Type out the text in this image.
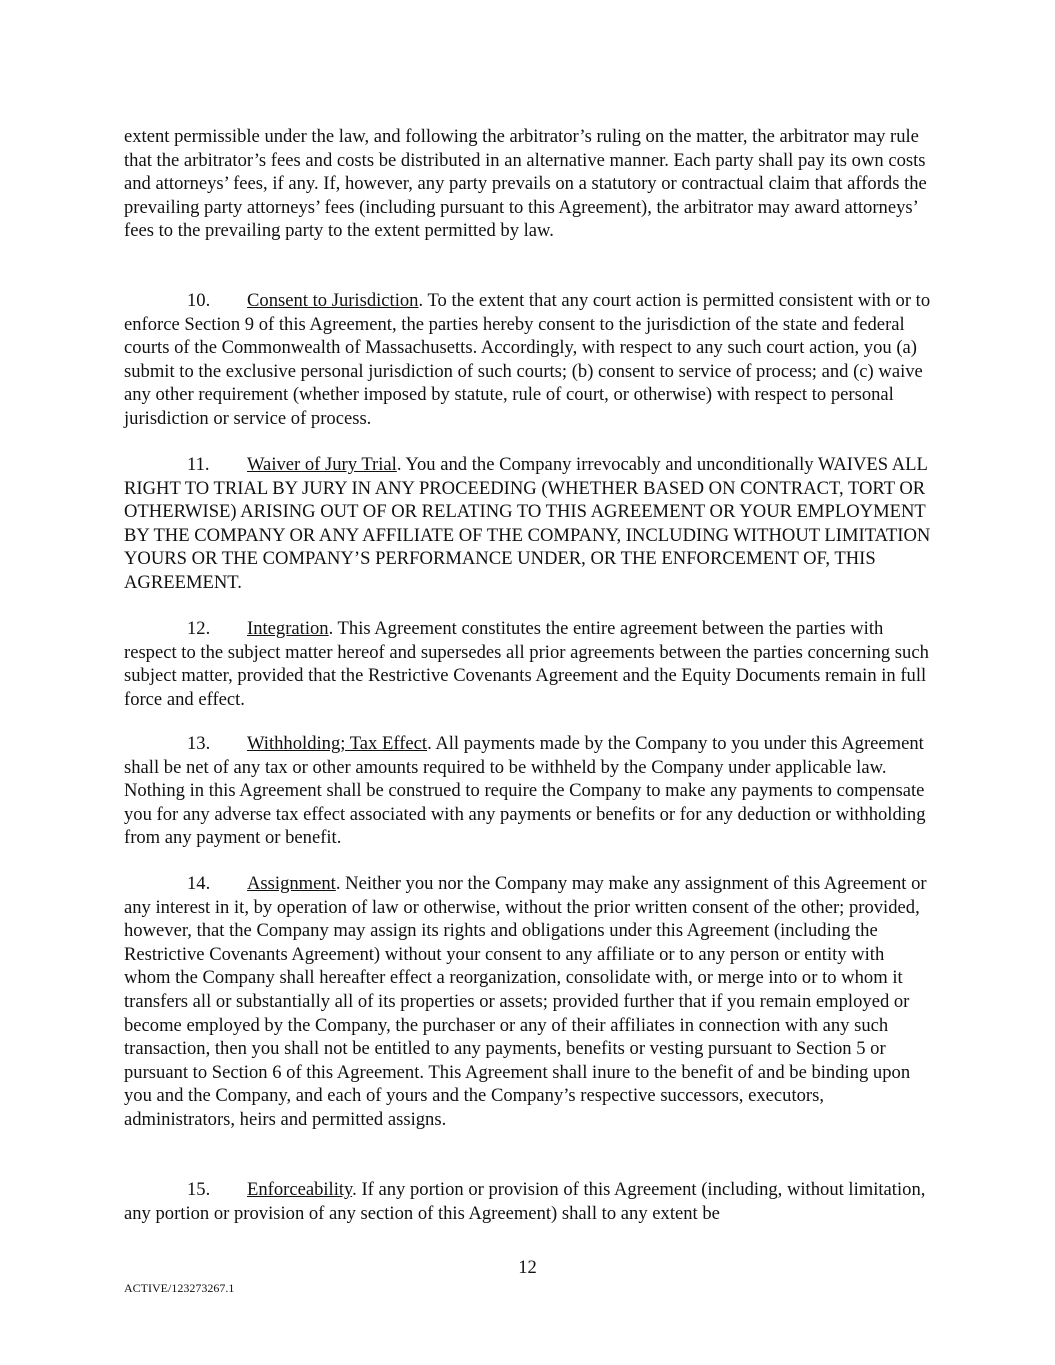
extent permissible under the law, and following the arbitrator’s ruling on the matter, the arbitrator may rule that the arbitrator’s fees and costs be distributed in an alternative manner. Each party shall pay its own costs and attorneys’ fees, if any. If, however, any party prevails on a statutory or contractual claim that affords the prevailing party attorneys’ fees (including pursuant to this Agreement), the arbitrator may award attorneys’ fees to the prevailing party to the extent permitted by law.

10. Consent to Jurisdiction. To the extent that any court action is permitted consistent with or to enforce Section 9 of this Agreement, the parties hereby consent to the jurisdiction of the state and federal courts of the Commonwealth of Massachusetts. Accordingly, with respect to any such court action, you (a) submit to the exclusive personal jurisdiction of such courts; (b) consent to service of process; and (c) waive any other requirement (whether imposed by statute, rule of court, or otherwise) with respect to personal jurisdiction or service of process.

11. Waiver of Jury Trial. You and the Company irrevocably and unconditionally WAIVES ALL RIGHT TO TRIAL BY JURY IN ANY PROCEEDING (WHETHER BASED ON CONTRACT, TORT OR OTHERWISE) ARISING OUT OF OR RELATING TO THIS AGREEMENT OR YOUR EMPLOYMENT BY THE COMPANY OR ANY AFFILIATE OF THE COMPANY, INCLUDING WITHOUT LIMITATION YOURS OR THE COMPANY’S PERFORMANCE UNDER, OR THE ENFORCEMENT OF, THIS AGREEMENT.

12. Integration. This Agreement constitutes the entire agreement between the parties with respect to the subject matter hereof and supersedes all prior agreements between the parties concerning such subject matter, provided that the Restrictive Covenants Agreement and the Equity Documents remain in full force and effect.

13. Withholding; Tax Effect. All payments made by the Company to you under this Agreement shall be net of any tax or other amounts required to be withheld by the Company under applicable law. Nothing in this Agreement shall be construed to require the Company to make any payments to compensate you for any adverse tax effect associated with any payments or benefits or for any deduction or withholding from any payment or benefit.

14. Assignment. Neither you nor the Company may make any assignment of this Agreement or any interest in it, by operation of law or otherwise, without the prior written consent of the other; provided, however, that the Company may assign its rights and obligations under this Agreement (including the Restrictive Covenants Agreement) without your consent to any affiliate or to any person or entity with whom the Company shall hereafter effect a reorganization, consolidate with, or merge into or to whom it transfers all or substantially all of its properties or assets; provided further that if you remain employed or become employed by the Company, the purchaser or any of their affiliates in connection with any such transaction, then you shall not be entitled to any payments, benefits or vesting pursuant to Section 5 or pursuant to Section 6 of this Agreement. This Agreement shall inure to the benefit of and be binding upon you and the Company, and each of yours and the Company’s respective successors, executors, administrators, heirs and permitted assigns.

15. Enforceability. If any portion or provision of this Agreement (including, without limitation, any portion or provision of any section of this Agreement) shall to any extent be

12
ACTIVE/123273267.1
